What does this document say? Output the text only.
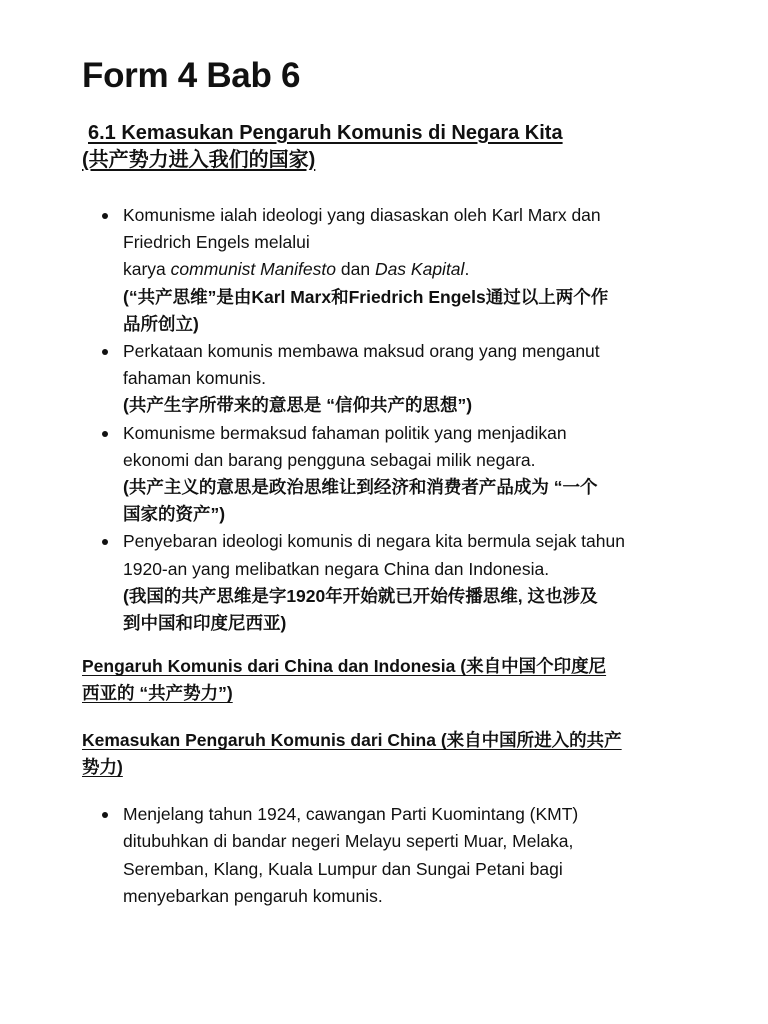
Form 4 Bab 6
6.1 Kemasukan Pengaruh Komunis di Negara Kita
(共产势力进入我们的国家)
Komunisme ialah ideologi yang diasaskan oleh Karl Marx dan
Friedrich Engels melalui
karya communist Manifesto dan Das Kapital.
(“共产思维”是由Karl Marx和Friedrich Engels通过以上两个作
品所创立)
Perkataan komunis membawa maksud orang yang menganut
fahaman komunis.
(共产生字所带来的意思是 “信仰共产的思想”)
Komunisme bermaksud fahaman politik yang menjadikan
ekonomi dan barang pengguna sebagai milik negara.
(共产主义的意思是政治思维让到经济和消费者产品成为 “一个
国家的资产”)
Penyebaran ideologi komunis di negara kita bermula sejak tahun
1920-an yang melibatkan negara China dan Indonesia.
(我国的共产思维是字1920年开始就已开始传播思维, 这也涉及
到中国和印度尼西亚)
Pengaruh Komunis dari China dan Indonesia (来自中国个印度尼
西亚的 “共产势力”)
Kemasukan Pengaruh Komunis dari China (来自中国所进入的共产
势力)
Menjelang tahun 1924, cawangan Parti Kuomintang (KMT)
ditubuhkan di bandar negeri Melayu seperti Muar, Melaka,
Seremban, Klang, Kuala Lumpur dan Sungai Petani bagi
menyebarkan pengaruh komunis.
